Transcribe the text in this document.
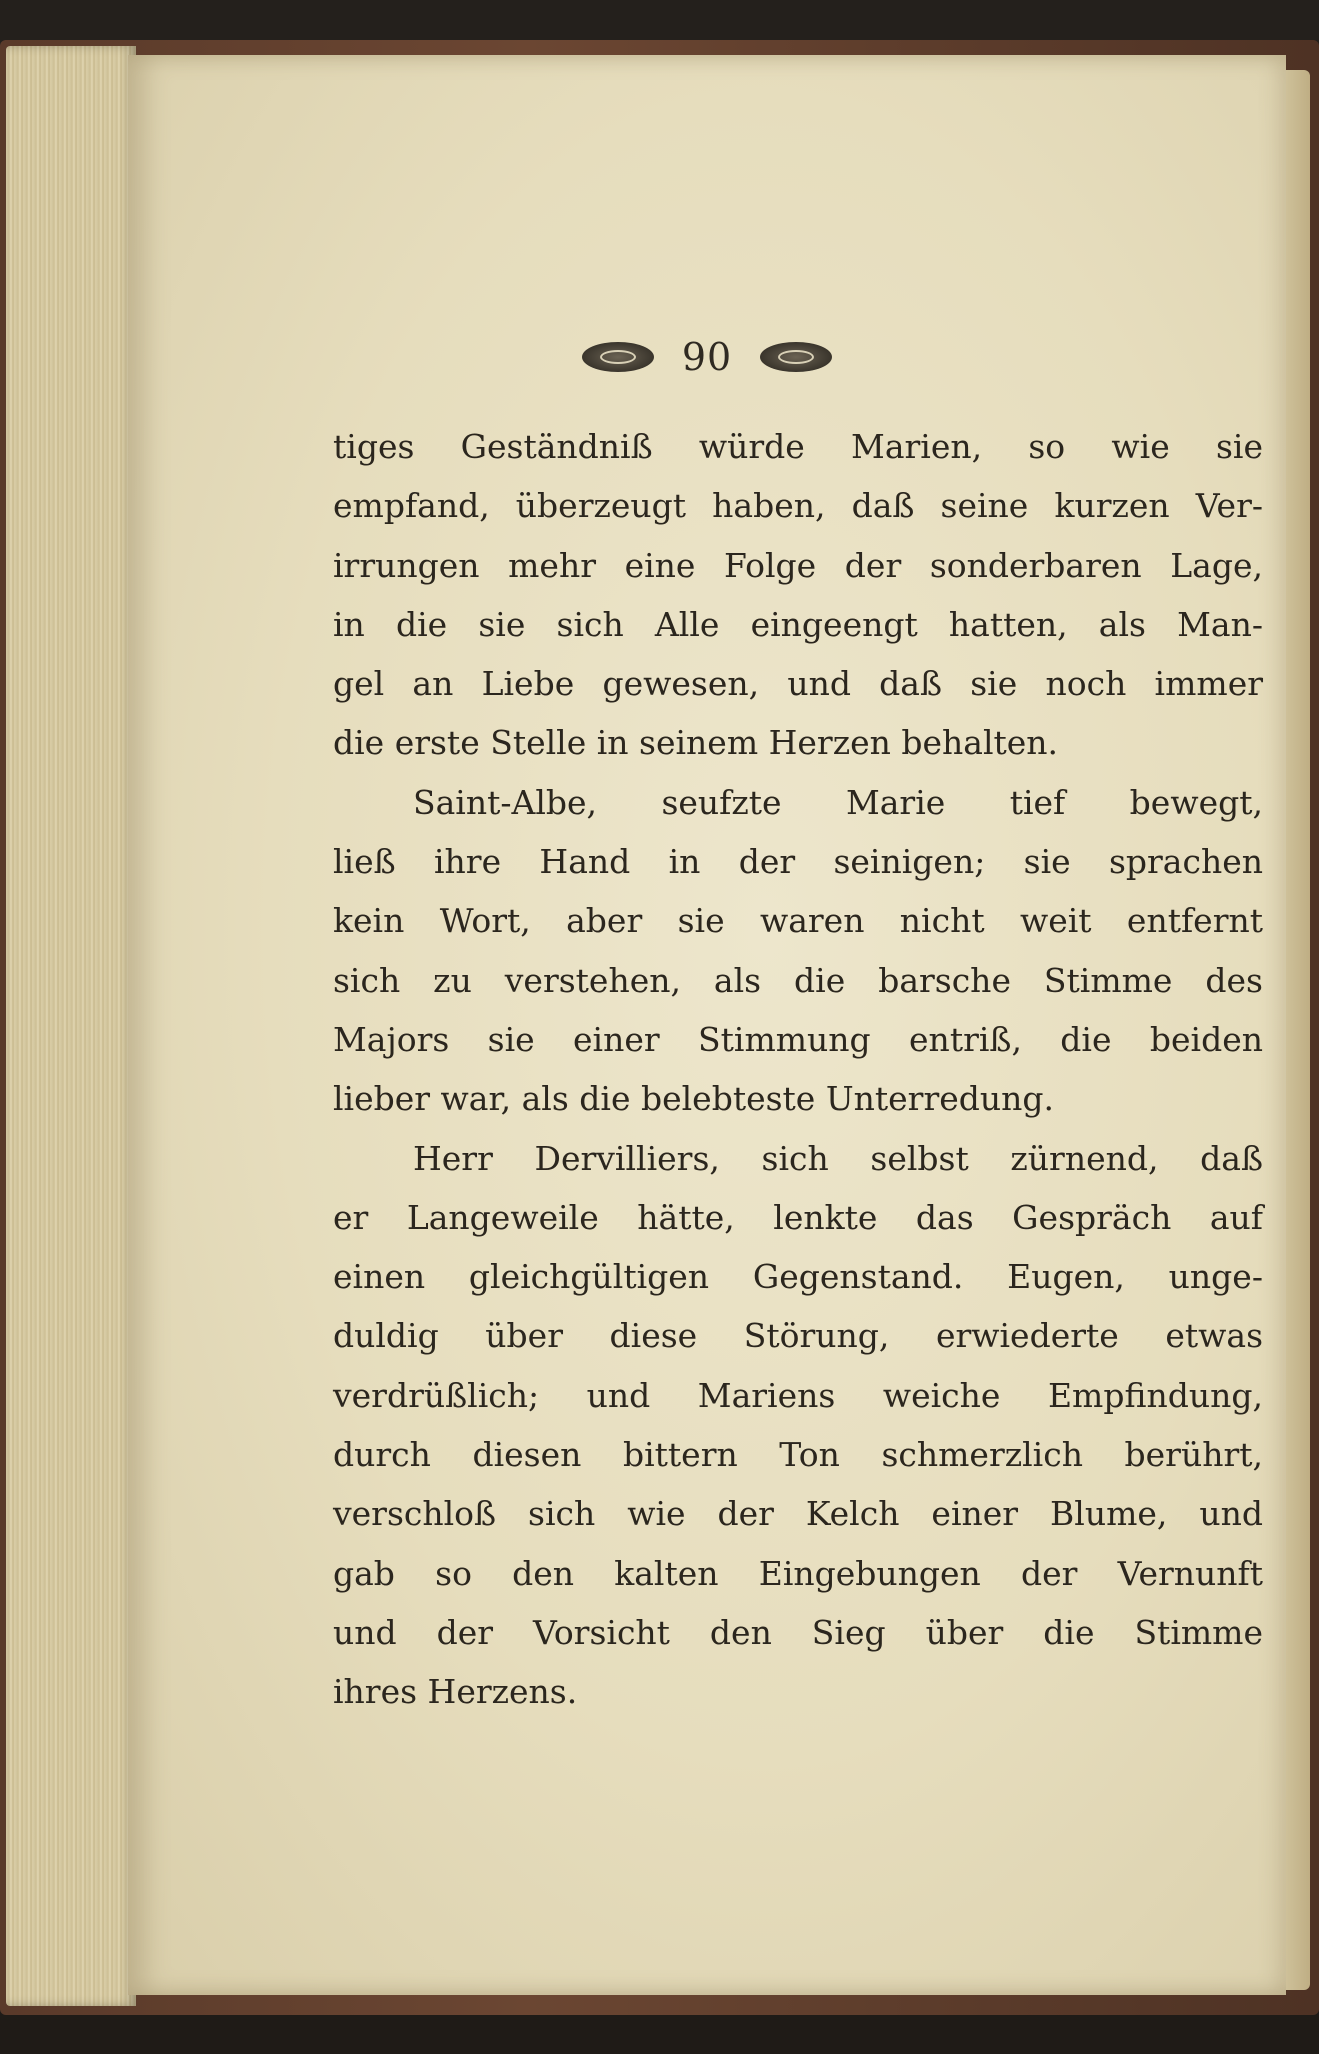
90
tiges Geständniß würde Marien, so wie sie
empfand, überzeugt haben, daß seine kurzen Ver-
irrungen mehr eine Folge der sonderbaren Lage,
in die sie sich Alle eingeengt hatten, als Man-
gel an Liebe gewesen, und daß sie noch immer
die erste Stelle in seinem Herzen behalten.
Saint-Albe, seufzte Marie tief bewegt,
ließ ihre Hand in der seinigen; sie sprachen
kein Wort, aber sie waren nicht weit entfernt
sich zu verstehen, als die barsche Stimme des
Majors sie einer Stimmung entriß, die beiden
lieber war, als die belebteste Unterredung.
Herr Dervilliers, sich selbst zürnend, daß
er Langeweile hätte, lenkte das Gespräch auf
einen gleichgültigen Gegenstand. Eugen, unge-
duldig über diese Störung, erwiederte etwas
verdrüßlich; und Mariens weiche Empfindung,
durch diesen bittern Ton schmerzlich berührt,
verschloß sich wie der Kelch einer Blume, und
gab so den kalten Eingebungen der Vernunft
und der Vorsicht den Sieg über die Stimme
ihres Herzens.
